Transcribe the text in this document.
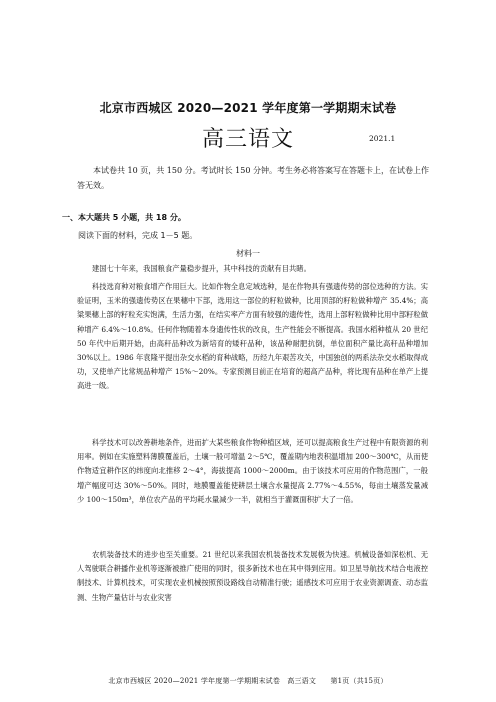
北京市西城区 2020—2021 学年度第一学期期末试卷
高三语文	2021.1
本试卷共 10 页，共 150 分。考试时长 150 分钟。考生务必将答案写在答题卡上，在试卷上作答无效。
一、本大题共 5 小题，共 18 分。
阅读下面的材料，完成 1－5 题。
材料一
建国七十年来，我国粮食产量稳步提升，其中科技的贡献有目共睹。
科技选育种对粮食增产作用巨大。比如作物全息定域选种，是在作物具有强遗传势的部位选种的方法。实验证明，玉米的强遗传势区在果穗中下部，选用这一部位的籽粒做种，比用顶部的籽粒做种增产 35.4%；高粱果穗上部的籽粒充实饱满，生活力强，在结实率产方面有较强的遗传性，选用上部籽粒做种比用中部籽粒做种增产 6.4%～10.8%。任何作物随着本身遗传性状的改良，生产性能会不断提高。我国水稻种植从 20 世纪 50 年代中后期开始，由高秆品种改为新培育的矮秆品种，该品种耐肥抗倒，单位面积产量比高秆品种增加 30%以上。1986 年袁隆平提出杂交水稻的育种战略，历经九年艰苦攻关，中国独创的两系法杂交水稻取得成功，又使单产比常规品种增产 15%～20%。专家预测目前正在培育的超高产品种，将比现有品种在单产上提高进一级。
科学技术可以改善耕地条件，进而扩大某些粮食作物种植区域，还可以提高粮食生产过程中有限资源的利用率。例如在实施塑料薄膜覆盖后，土壤一般可增温 2～5℃，覆盖期内地表积温增加 200～300℃，从而使作物适宜耕作区的纬度向北推移 2～4°，海拔提高 1000～2000m。由于该技术可应用的作物范围广，一般增产幅度可达 30%～50%。同时，地膜覆盖能使耕层土壤含水量提高 2.77%～4.55%，每亩土壤蒸发量减少 100～150m³，单位农产品的平均耗水量减少一半，就相当于灌溉面积扩大了一倍。
农机装备技术的进步也至关重要。21 世纪以来我国农机装备技术发展极为快速。机械设备如深松机、无人驾驶联合耕播作业机等逐渐被推广使用的同时，很多新技术也在其中得到应用。如卫星导航技术结合电液控制技术、计算机技术，可实现农业机械按照预设路线自动精准行驶；遥感技术可应用于农业资源调查、动态监测、生物产量估计与农业灾害
北京市西城区 2020—2021 学年度第一学期期末试卷　高三语文　　第1页（共15页）
